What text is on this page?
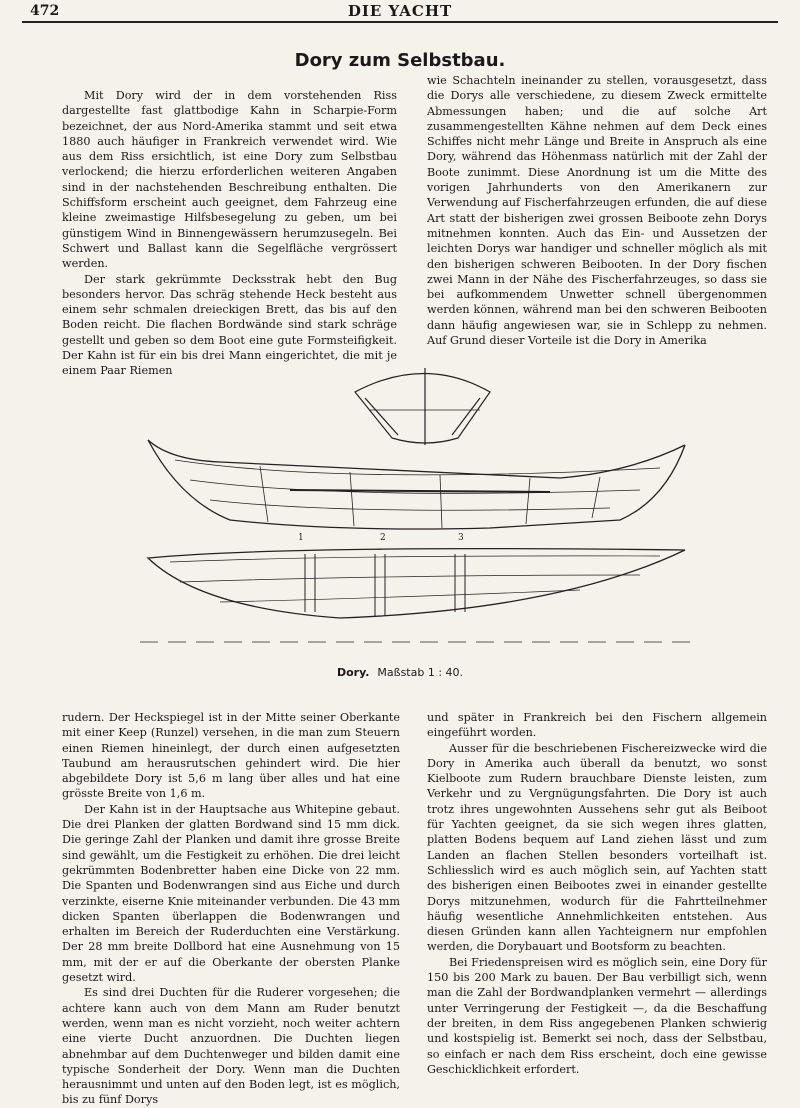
472	DIE YACHT
Dory zum Selbstbau.

Mit Dory wird der in dem vorstehenden Riss dargestellte fast glattbodige Kahn in Scharpie-Form bezeichnet, der aus Nord-Amerika stammt und seit etwa 1880 auch häufiger in Frankreich verwendet wird. Wie aus dem Riss ersichtlich, ist eine Dory zum Selbstbau verlockend; die hierzu erforderlichen weiteren Angaben sind in der nachstehenden Beschreibung enthalten. Die Schiffsform erscheint auch geeignet, dem Fahrzeug eine kleine zweimastige Hilfsbesegelung zu geben, um bei günstigem Wind in Binnengewässern herumzusegeln. Bei Schwert und Ballast kann die Segelfläche vergrössert werden.

Der stark gekrümmte Decksstrak hebt den Bug besonders hervor. Das schräg stehende Heck besteht aus einem sehr schmalen dreieckigen Brett, das bis auf den Boden reicht. Die flachen Bordwände sind stark schräge gestellt und geben so dem Boot eine gute Formsteifigkeit. Der Kahn ist für ein bis drei Mann eingerichtet, die mit je einem Paar Riemen

wie Schachteln ineinander zu stellen, vorausgesetzt, dass die Dorys alle verschiedene, zu diesem Zweck ermittelte Abmessungen haben; und die auf solche Art zusammengestellten Kähne nehmen auf dem Deck eines Schiffes nicht mehr Länge und Breite in Anspruch als eine Dory, während das Höhenmass natürlich mit der Zahl der Boote zunimmt. Diese Anordnung ist um die Mitte des vorigen Jahrhunderts von den Amerikanern zur Verwendung auf Fischerfahrzeugen erfunden, die auf diese Art statt der bisherigen zwei grossen Beiboote zehn Dorys mitnehmen konnten. Auch das Ein- und Aussetzen der leichten Dorys war handiger und schneller möglich als mit den bisherigen schweren Beibooten. In der Dory fischen zwei Mann in der Nähe des Fischerfahrzeuges, so dass sie bei aufkommendem Unwetter schnell übergenommen werden können, während man bei den schweren Beibooten dann häufig angewiesen war, sie in Schlepp zu nehmen. Auf Grund dieser Vorteile ist die Dory in Amerika

1	2	3
Dory. Maßstab 1 : 40.

rudern. Der Heckspiegel ist in der Mitte seiner Oberkante mit einer Keep (Runzel) versehen, in die man zum Steuern einen Riemen hineinlegt, der durch einen aufgesetzten Taubund am herausrutschen gehindert wird. Die hier abgebildete Dory ist 5,6 m lang über alles und hat eine grösste Breite von 1,6 m.

Der Kahn ist in der Hauptsache aus Whitepine gebaut. Die drei Planken der glatten Bordwand sind 15 mm dick. Die geringe Zahl der Planken und damit ihre grosse Breite sind gewählt, um die Festigkeit zu erhöhen. Die drei leicht gekrümmten Bodenbretter haben eine Dicke von 22 mm. Die Spanten und Bodenwrangen sind aus Eiche und durch verzinkte, eiserne Knie miteinander verbunden. Die 43 mm dicken Spanten überlappen die Bodenwrangen und erhalten im Bereich der Ruderduchten eine Verstärkung. Der 28 mm breite Dollbord hat eine Ausnehmung von 15 mm, mit der er auf die Oberkante der obersten Planke gesetzt wird.

Es sind drei Duchten für die Ruderer vorgesehen; die achtere kann auch von dem Mann am Ruder benutzt werden, wenn man es nicht vorzieht, noch weiter achtern eine vierte Ducht anzuordnen. Die Duchten liegen abnehmbar auf dem Duchtenweger und bilden damit eine typische Sonderheit der Dory. Wenn man die Duchten herausnimmt und unten auf den Boden legt, ist es möglich, bis zu fünf Dorys

und später in Frankreich bei den Fischern allgemein eingeführt worden.

Ausser für die beschriebenen Fischereizwecke wird die Dory in Amerika auch überall da benutzt, wo sonst Kielboote zum Rudern brauchbare Dienste leisten, zum Verkehr und zu Vergnügungsfahrten. Die Dory ist auch trotz ihres ungewohnten Aussehens sehr gut als Beiboot für Yachten geeignet, da sie sich wegen ihres glatten, platten Bodens bequem auf Land ziehen lässt und zum Landen an flachen Stellen besonders vorteilhaft ist. Schliesslich wird es auch möglich sein, auf Yachten statt des bisherigen einen Beibootes zwei in einander gestellte Dorys mitzunehmen, wodurch für die Fahrtteilnehmer häufig wesentliche Annehmlichkeiten entstehen. Aus diesen Gründen kann allen Yachteignern nur empfohlen werden, die Dorybauart und Bootsform zu beachten.

Bei Friedenspreisen wird es möglich sein, eine Dory für 150 bis 200 Mark zu bauen. Der Bau verbilligt sich, wenn man die Zahl der Bordwandplanken vermehrt — allerdings unter Verringerung der Festigkeit —, da die Beschaffung der breiten, in dem Riss angegebenen Planken schwierig und kostspielig ist. Bemerkt sei noch, dass der Selbstbau, so einfach er nach dem Riss erscheint, doch eine gewisse Geschicklichkeit erfordert.
